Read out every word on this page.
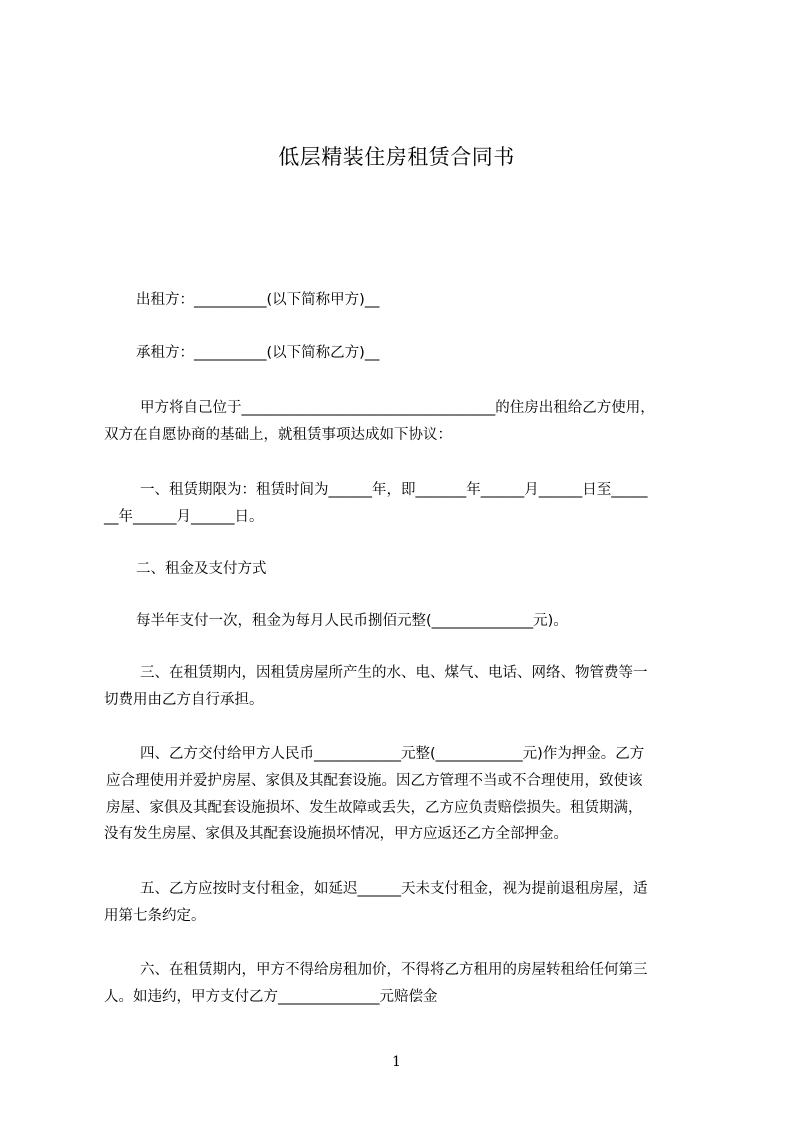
低层精装住房租赁合同书
出租方：__________(以下简称甲方)__
承租方：__________(以下简称乙方)__
甲方将自己位于___________________________________的住房出租给乙方使用，
双方在自愿协商的基础上，就租赁事项达成如下协议：
一、租赁期限为：租赁时间为______年，即_______年______月______日至_____
__年______月______日。
二、租金及支付方式
每半年支付一次，租金为每月人民币捌佰元整(______________元)。
三、在租赁期内，因租赁房屋所产生的水、电、煤气、电话、网络、物管费等一
切费用由乙方自行承担。
四、乙方交付给甲方人民币____________元整(____________元)作为押金。乙方
应合理使用并爱护房屋、家俱及其配套设施。因乙方管理不当或不合理使用，致使该
房屋、家俱及其配套设施损坏、发生故障或丢失，乙方应负责赔偿损失。租赁期满，
没有发生房屋、家俱及其配套设施损坏情况，甲方应返还乙方全部押金。
五、乙方应按时支付租金，如延迟______天未支付租金，视为提前退租房屋，适
用第七条约定。
六、在租赁期内，甲方不得给房租加价，不得将乙方租用的房屋转租给任何第三
人。如违约，甲方支付乙方______________元赔偿金
1
